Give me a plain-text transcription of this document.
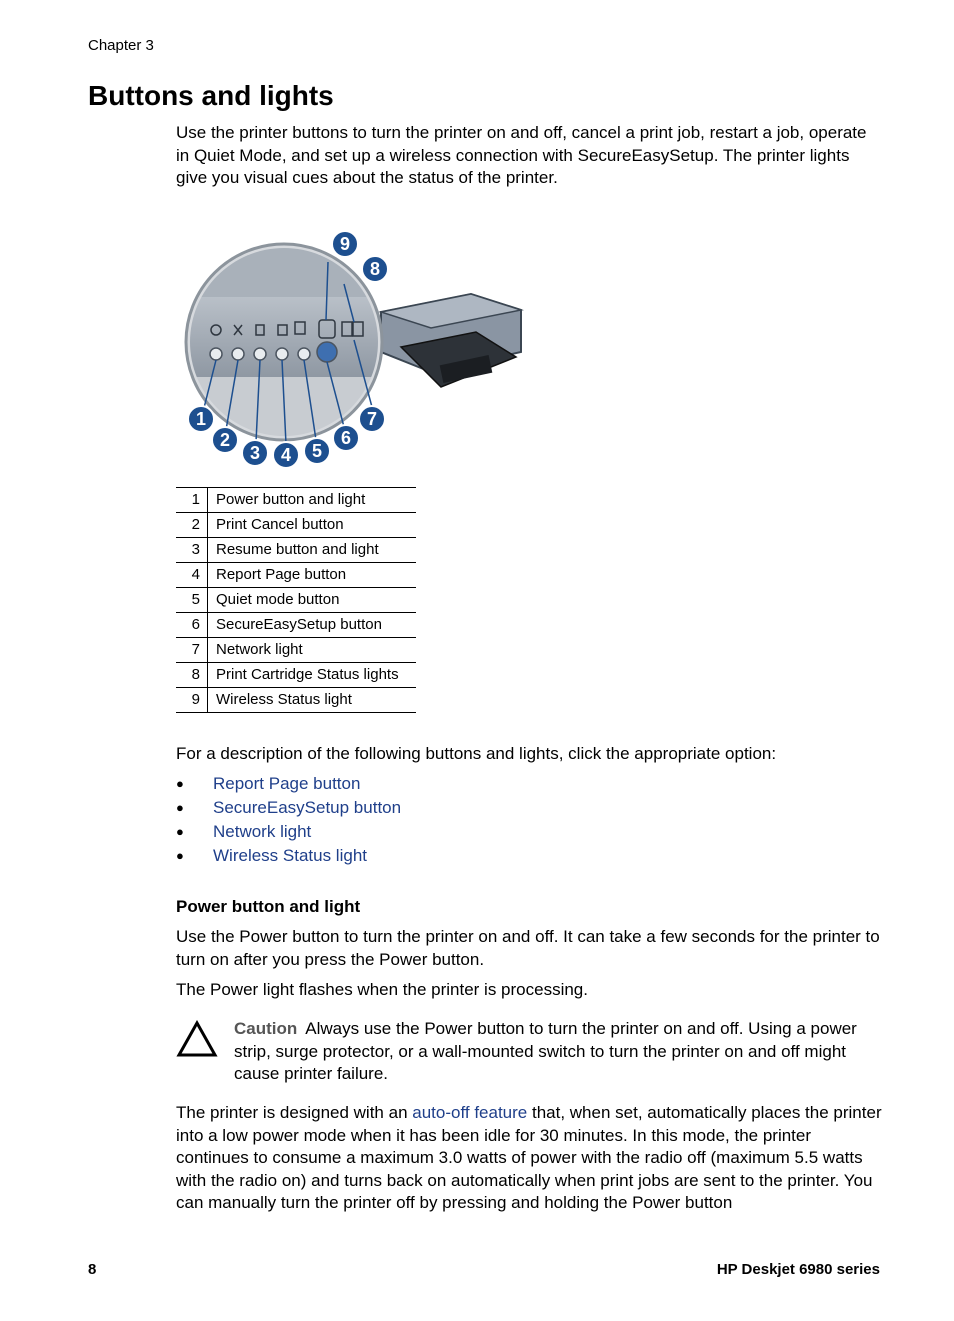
Chapter 3
Buttons and lights

Use the printer buttons to turn the printer on and off, cancel a print job, restart a job, operate in Quiet Mode, and set up a wireless connection with SecureEasySetup. The printer lights give you visual cues about the status of the printer.

1
2
3 4 5
6
7
8
9
1	Power button and light
2	Print Cancel button
3	Resume button and light
4	Report Page button
5	Quiet mode button
6	SecureEasySetup button
7	Network light
8	Print Cartridge Status lights
9	Wireless Status light

For a description of the following buttons and lights, click the appropriate option:

●	Report Page button
●	SecureEasySetup button
●	Network light
●	Wireless Status light
Power button and light

Use the Power button to turn the printer on and off. It can take a few seconds for the printer to turn on after you press the Power button.

The Power light flashes when the printer is processing.

Caution Always use the Power button to turn the printer on and off. Using a power strip, surge protector, or a wall-mounted switch to turn the printer on and off might cause printer failure.

The printer is designed with an auto-off feature that, when set, automatically places the printer into a low power mode when it has been idle for 30 minutes. In this mode, the printer continues to consume a maximum 3.0 watts of power with the radio off (maximum 5.5 watts with the radio on) and turns back on automatically when print jobs are sent to the printer. You can manually turn the printer off by pressing and holding the Power button

8	HP Deskjet 6980 series
